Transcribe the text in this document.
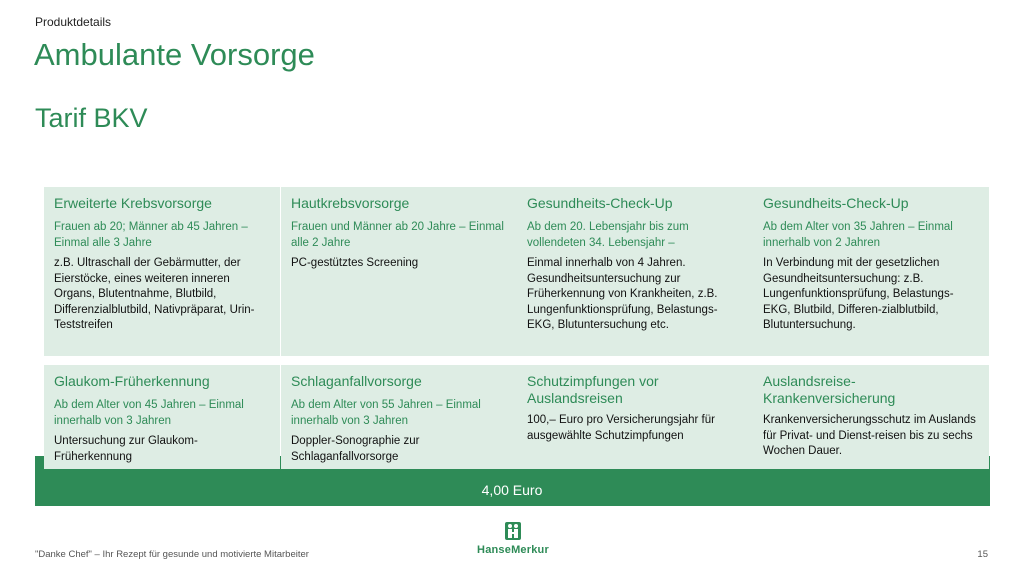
Produktdetails
Ambulante Vorsorge
Tarif BKV
4,00 Euro
Erweiterte Krebsvorsorge
Frauen ab 20; Männer ab 45 Jahren – Einmal alle 3 Jahre
z.B. Ultraschall der Gebärmutter, der Eierstöcke, eines weiteren inneren Organs, Blutentnahme, Blutbild, Differenzialblutbild, Nativpräparat, Urin-Teststreifen
Hautkrebsvorsorge
Frauen und Männer ab 20 Jahre – Einmal alle 2 Jahre
PC-gestütztes Screening
Gesundheits-Check-Up
Ab dem 20. Lebensjahr bis zum vollendeten 34. Lebensjahr –
Einmal innerhalb von 4 Jahren. Gesundheitsuntersuchung zur Früherkennung von Krankheiten, z.B. Lungenfunktionsprüfung, Belastungs-EKG, Blutuntersuchung etc.
Gesundheits-Check-Up
Ab dem Alter von 35 Jahren – Einmal innerhalb von 2 Jahren
In Verbindung mit der gesetzlichen Gesundheitsuntersuchung: z.B. Lungenfunktionsprüfung, Belastungs-EKG, Blutbild, Differen-zialblutbild, Blutuntersuchung.
Glaukom-Früherkennung
Ab dem Alter von 45 Jahren – Einmal innerhalb von 3 Jahren
Untersuchung zur Glaukom-Früherkennung
Schlaganfallvorsorge
Ab dem Alter von 55 Jahren – Einmal innerhalb von 3 Jahren
Doppler-Sonographie zur Schlaganfallvorsorge
Schutzimpfungen vor Auslandsreisen
100,– Euro pro Versicherungsjahr für ausgewählte Schutzimpfungen
Auslandsreise-Krankenversicherung
Krankenversicherungsschutz im Auslands für Privat- und Dienst-reisen bis zu sechs Wochen Dauer.
"Danke Chef" – Ihr Rezept für gesunde und motivierte Mitarbeiter	15
HanseMerkur
